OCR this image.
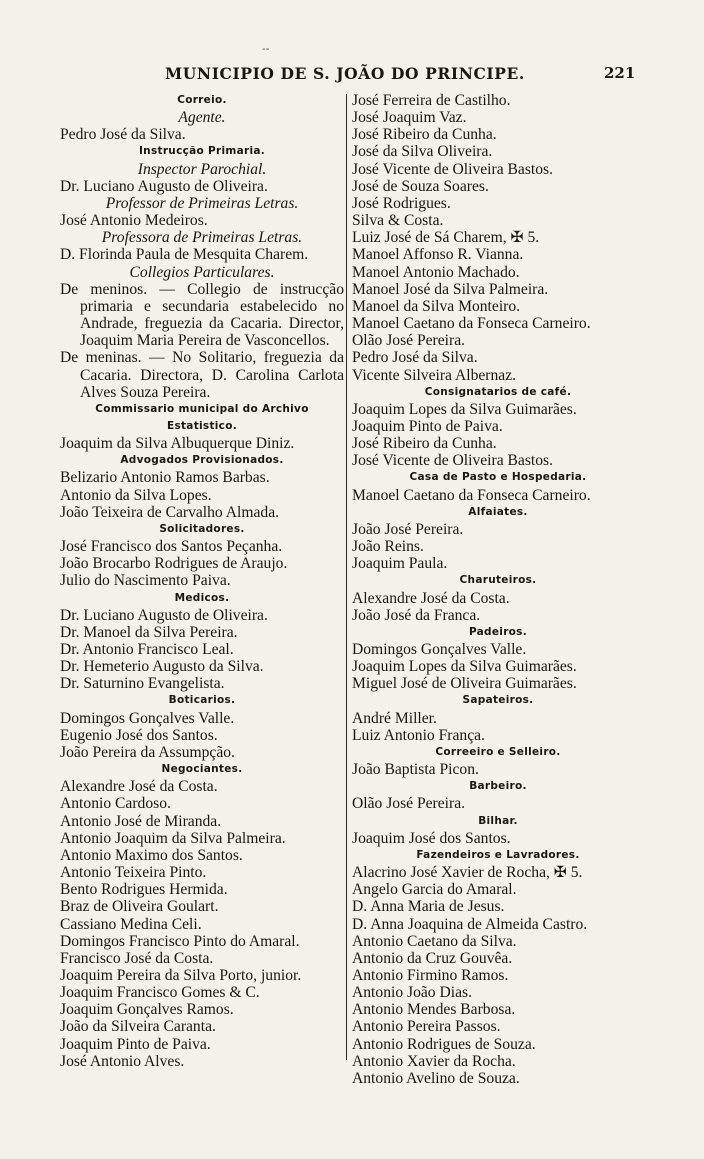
--
MUNICIPIO DE S. JOÃO DO PRINCIPE.	221
Correio.
Agente.
Pedro José da Silva.
Instrucção Primaria.
Inspector Parochial.
Dr. Luciano Augusto de Oliveira.
Professor de Primeiras Letras.
José Antonio Medeiros.
Professora de Primeiras Letras.
D. Florinda Paula de Mesquita Charem.
Collegios Particulares.
De meninos. — Collegio de instrucção primaria e secundaria estabelecido no Andrade, freguezia da Cacaria. Director, Joaquim Maria Pereira de Vasconcellos.
De meninas. — No Solitario, freguezia da Cacaria. Directora, D. Carolina Carlota Alves Souza Pereira.
Commissario municipal do Archivo Estatistico.
Joaquim da Silva Albuquerque Diniz.
Advogados Provisionados.
Belizario Antonio Ramos Barbas.
Antonio da Silva Lopes.
João Teixeira de Carvalho Almada.
Solicitadores.
José Francisco dos Santos Peçanha.
João Brocarbo Rodrigues de Araujo.
Julio do Nascimento Paiva.
Medicos.
Dr. Luciano Augusto de Oliveira.
Dr. Manoel da Silva Pereira.
Dr. Antonio Francisco Leal.
Dr. Hemeterio Augusto da Silva.
Dr. Saturnino Evangelista.
Boticarios.
Domingos Gonçalves Valle.
Eugenio José dos Santos.
João Pereira da Assumpção.
Negociantes.
Alexandre José da Costa.
Antonio Cardoso.
Antonio José de Miranda.
Antonio Joaquim da Silva Palmeira.
Antonio Maximo dos Santos.
Antonio Teixeira Pinto.
Bento Rodrigues Hermida.
Braz de Oliveira Goulart.
Cassiano Medina Celi.
Domingos Francisco Pinto do Amaral.
Francisco José da Costa.
Joaquim Pereira da Silva Porto, junior.
Joaquim Francisco Gomes & C.
Joaquim Gonçalves Ramos.
João da Silveira Caranta.
Joaquim Pinto de Paiva.
José Antonio Alves.
José Ferreira de Castilho.
José Joaquim Vaz.
José Ribeiro da Cunha.
José da Silva Oliveira.
José Vicente de Oliveira Bastos.
José de Souza Soares.
José Rodrigues.
Silva & Costa.
Luiz José de Sá Charem, ✠ 5.
Manoel Affonso R. Vianna.
Manoel Antonio Machado.
Manoel José da Silva Palmeira.
Manoel da Silva Monteiro.
Manoel Caetano da Fonseca Carneiro.
Olão José Pereira.
Pedro José da Silva.
Vicente Silveira Albernaz.
Consignatarios de café.
Joaquim Lopes da Silva Guimarães.
Joaquim Pinto de Paiva.
José Ribeiro da Cunha.
José Vicente de Oliveira Bastos.
Casa de Pasto e Hospedaria.
Manoel Caetano da Fonseca Carneiro.
Alfaiates.
João José Pereira.
João Reins.
Joaquim Paula.
Charuteiros.
Alexandre José da Costa.
João José da Franca.
Padeiros.
Domingos Gonçalves Valle.
Joaquim Lopes da Silva Guimarães.
Miguel José de Oliveira Guimarães.
Sapateiros.
André Miller.
Luiz Antonio França.
Correeiro e Selleiro.
João Baptista Picon.
Barbeiro.
Olão José Pereira.
Bilhar.
Joaquim José dos Santos.
Fazendeiros e Lavradores.
Alacrino José Xavier de Rocha, ✠ 5.
Angelo Garcia do Amaral.
D. Anna Maria de Jesus.
D. Anna Joaquina de Almeida Castro.
Antonio Caetano da Silva.
Antonio da Cruz Gouvêa.
Antonio Firmino Ramos.
Antonio João Dias.
Antonio Mendes Barbosa.
Antonio Pereira Passos.
Antonio Rodrigues de Souza.
Antonio Xavier da Rocha.
Antonio Avelino de Souza.
